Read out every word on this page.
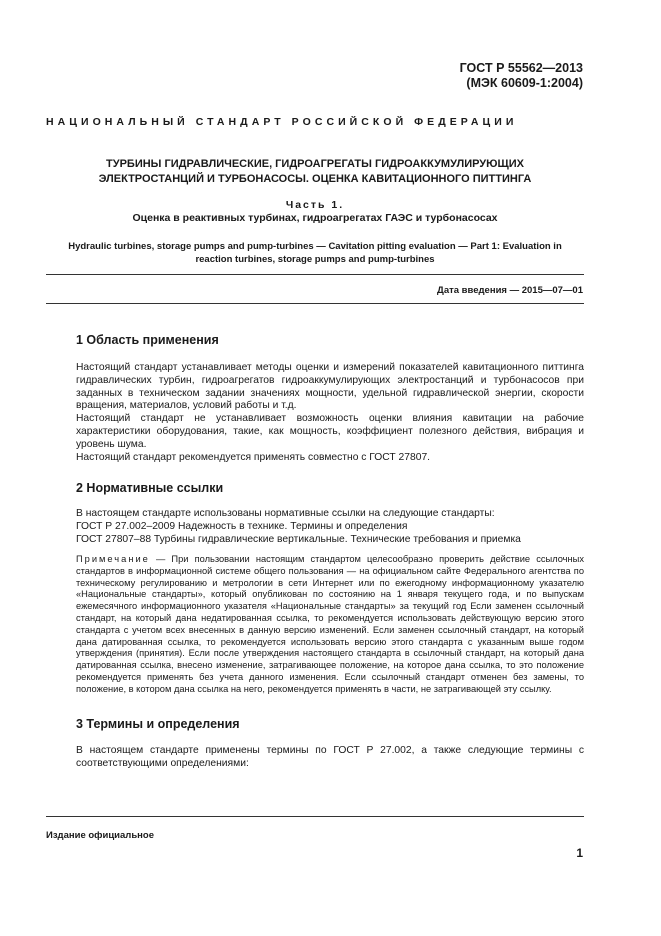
ГОСТ Р 55562—2013
(МЭК 60609-1:2004)
НАЦИОНАЛЬНЫЙ СТАНДАРТ РОССИЙСКОЙ ФЕДЕРАЦИИ
ТУРБИНЫ ГИДРАВЛИЧЕСКИЕ, ГИДРОАГРЕГАТЫ ГИДРОАККУМУЛИРУЮЩИХ
ЭЛЕКТРОСТАНЦИЙ И ТУРБОНАСОСЫ. ОЦЕНКА КАВИТАЦИОННОГО ПИТТИНГА
Часть 1.
Оценка в реактивных турбинах, гидроагрегатах ГАЭС и турбонасосах
Hydraulic turbines, storage pumps and pump-turbines — Cavitation pitting evaluation — Part 1: Evaluation in
reaction turbines, storage pumps and pump-turbines
Дата введения — 2015—07—01
1 Область применения

Настоящий стандарт устанавливает методы оценки и измерений показателей кавитационного питтинга гидравлических турбин, гидроагрегатов гидроаккумулирующих электростанций и турбонасосов при заданных в техническом задании значениях мощности, удельной гидравлической энергии, скорости вращения, материалов, условий работы и т.д.

Настоящий стандарт не устанавливает возможность оценки влияния кавитации на рабочие характеристики оборудования, такие, как мощность, коэффициент полезного действия, вибрация и уровень шума.

Настоящий стандарт рекомендуется применять совместно с ГОСТ 27807.

2 Нормативные ссылки

В настоящем стандарте использованы нормативные ссылки на следующие стандарты:

ГОСТ Р 27.002–2009 Надежность в технике. Термины и определения

ГОСТ 27807–88 Турбины гидравлические вертикальные. Технические требования и приемка

Примечание — При пользовании настоящим стандартом целесообразно проверить действие ссылочных стандартов в информационной системе общего пользования — на официальном сайте Федерального агентства по техническому регулированию и метрологии в сети Интернет или по ежегодному информационному указателю «Национальные стандарты», который опубликован по состоянию на 1 января текущего года, и по выпускам ежемесячного информационного указателя «Национальные стандарты» за текущий год Если заменен ссылочный стандарт, на который дана недатированная ссылка, то рекомендуется использовать действующую версию этого стандарта с учетом всех внесенных в данную версию изменений. Если заменен ссылочный стандарт, на который дана датированная ссылка, то рекомендуется использовать версию этого стандарта с указанным выше годом утверждения (принятия). Если после утверждения настоящего стандарта в ссылочный стандарт, на который дана датированная ссылка, внесено изменение, затрагивающее положение, на которое дана ссылка, то это положение рекомендуется применять без учета данного изменения. Если ссылочный стандарт отменен без замены, то положение, в котором дана ссылка на него, рекомендуется применять в части, не затрагивающей эту ссылку.
3 Термины и определения

В настоящем стандарте применены термины по ГОСТ Р 27.002, а также следующие термины с соответствующими определениями:

Издание официальное
1
